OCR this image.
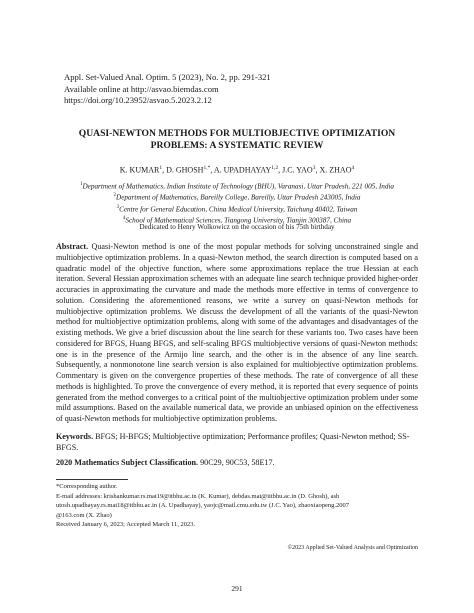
Appl. Set-Valued Anal. Optim. 5 (2023), No. 2, pp. 291-321
Available online at http://asvao.biemdas.com
https://doi.org/10.23952/asvao.5.2023.2.12
QUASI-NEWTON METHODS FOR MULTIOBJECTIVE OPTIMIZATION
PROBLEMS: A SYSTEMATIC REVIEW
K. KUMAR$^1$, D. $GHOSH^{1,*}$, A. UPADHAYAY$^{1,2}$, J.C. YAO$^3$, X. ZHAO$^4$
$^1$Department of Mathematics, Indian Institute of Technology (BHU), Varanasi, Uttar Pradesh, 221 005, India
$^2$Department of Mathematics, Bareilly College, Bareilly, Uttar Pradesh 243005, India
$^3$Centre for General Education, China Medical University, Taichung 40402, Taiwan
$^4$School of Mathematical Sciences, Tiangong University, Tianjin 300387, China
Dedicated to Henry Wolkowicz on the occasion of his 75th birthday
Abstract. Quasi-Newton method is one of the most popular methods for solving unconstrained single and multiobjective optimization problems. In a quasi-Newton method, the search direction is computed based on a quadratic model of the objective function, where some approximations replace the true Hessian at each iteration. Several Hessian approximation schemes with an adequate line search technique provided higher-order accuracies in approximating the curvature and made the methods more effective in terms of convergence to solution. Considering the aforementioned reasons, we write a survey on quasi-Newton methods for multiobjective optimization problems. We discuss the development of all the variants of the quasi-Newton method for multiobjective optimization problems, along with some of the advantages and disadvantages of the existing methods. We give a brief discussion about the line search for these variants too. Two cases have been considered for BFGS, Huang BFGS, and self-scaling BFGS multiobjective versions of quasi-Newton methods: one is in the presence of the Armijo line search, and the other is in the absence of any line search. Subsequently, a nonmonotone line search version is also explained for multiobjective optimization problems. Commentary is given on the convergence properties of these methods. The rate of convergence of all these methods is highlighted. To prove the convergence of every method, it is reported that every sequence of points generated from the method converges to a critical point of the multiobjective optimization problem under some mild assumptions. Based on the available numerical data, we provide an unbiased opinion on the effectiveness of quasi-Newton methods for multiobjective optimization problems.
Keywords. BFGS; H-BFGS; Multiobjective optimization; Performance profiles; Quasi-Newton method; SS-BFGS.
2020 Mathematics Subject Classification. 90C29, 90C53, 58E17.
*Corresponding author.
E-mail addresses: krishankumar.rs.mat19@itbhu.ac.in (K. Kumar), debdas.mat@iitbhu.ac.in (D. Ghosh), ash
utosh.upadhayay.rs.mat18@itbhu.ac.in (A. Upadhayay), yaojc@mail.cmu.edu.tw (J.C. Yao), zhaoxiaopeng.2007
@163.com (X. Zhao)
Received January 6, 2023; Accepted March 11, 2023.
©2023 Applied Set-Valued Analysis and Optimization
291
